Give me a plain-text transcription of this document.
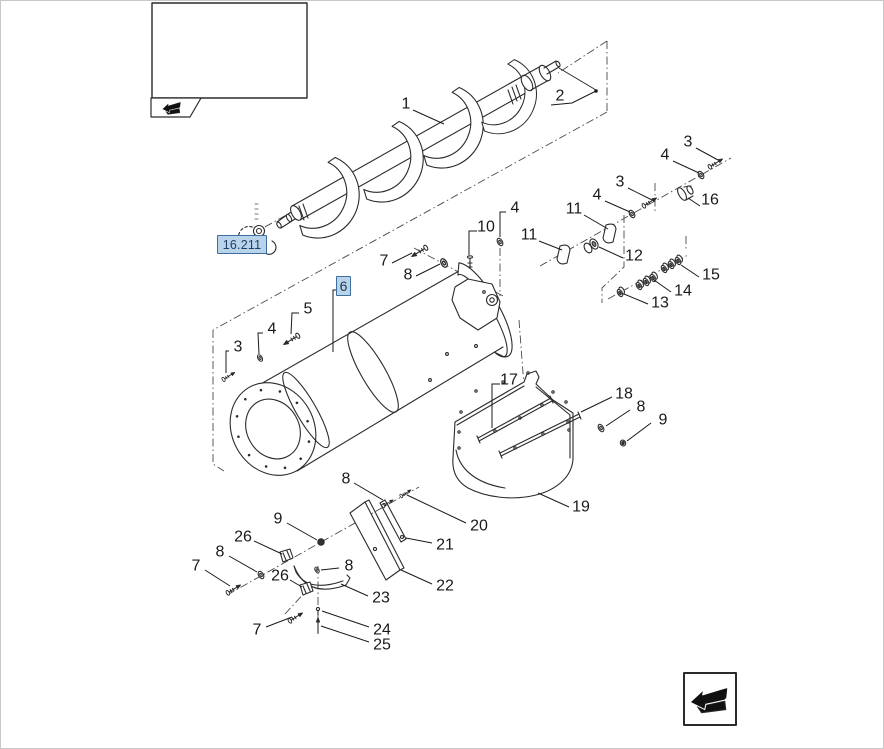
1	2
3
4
3
4	16
11
11
12
15
14
13
7
8
10
4
17
18
8
9
19
5
4
3
8
20
21
22
9
26
8
7
26
8
23
7	24
25
16.211
6
